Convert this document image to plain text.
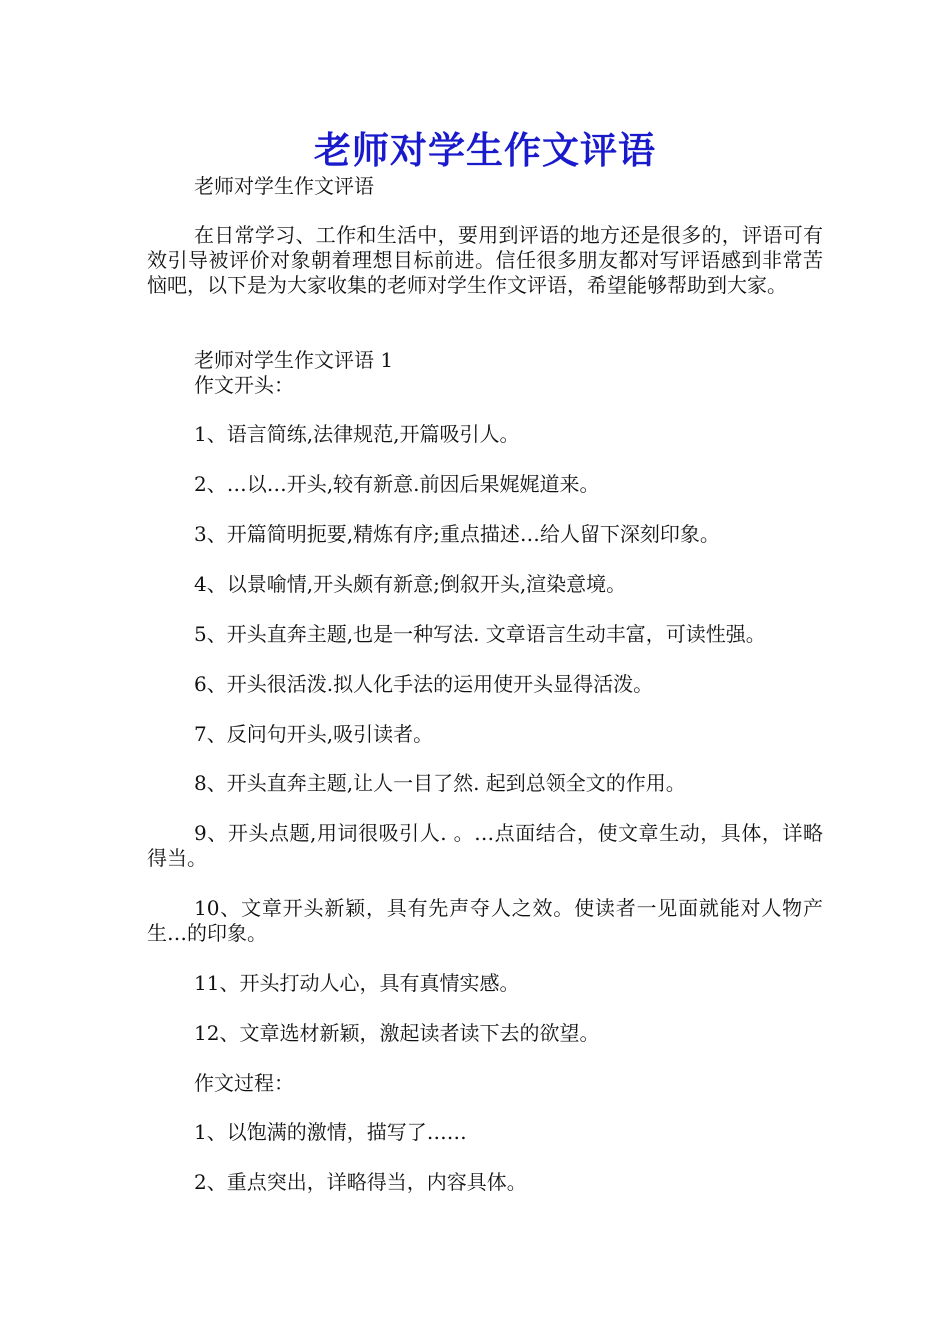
老师对学生作文评语

老师对学生作文评语

在日常学习、工作和生活中，要用到评语的地方还是很多的，评语可有效引导被评价对象朝着理想目标前进。信任很多朋友都对写评语感到非常苦恼吧，以下是为大家收集的老师对学生作文评语，希望能够帮助到大家。

老师对学生作文评语 1

作文开头：

1、语言简练,法律规范,开篇吸引人。

2、…以…开头,较有新意.前因后果娓娓道来。

3、开篇简明扼要,精炼有序;重点描述…给人留下深刻印象。

4、以景喻情,开头颇有新意;倒叙开头,渲染意境。

5、开头直奔主题,也是一种写法. 文章语言生动丰富，可读性强。

6、开头很活泼.拟人化手法的运用使开头显得活泼。

7、反问句开头,吸引读者。

8、开头直奔主题,让人一目了然. 起到总领全文的作用。

9、开头点题,用词很吸引人. 。…点面结合，使文章生动，具体，详略得当。

10、文章开头新颖，具有先声夺人之效。使读者一见面就能对人物产生…的印象。

11、开头打动人心，具有真情实感。

12、文章选材新颖，激起读者读下去的欲望。

作文过程：

1、以饱满的激情，描写了……

2、重点突出，详略得当，内容具体。
